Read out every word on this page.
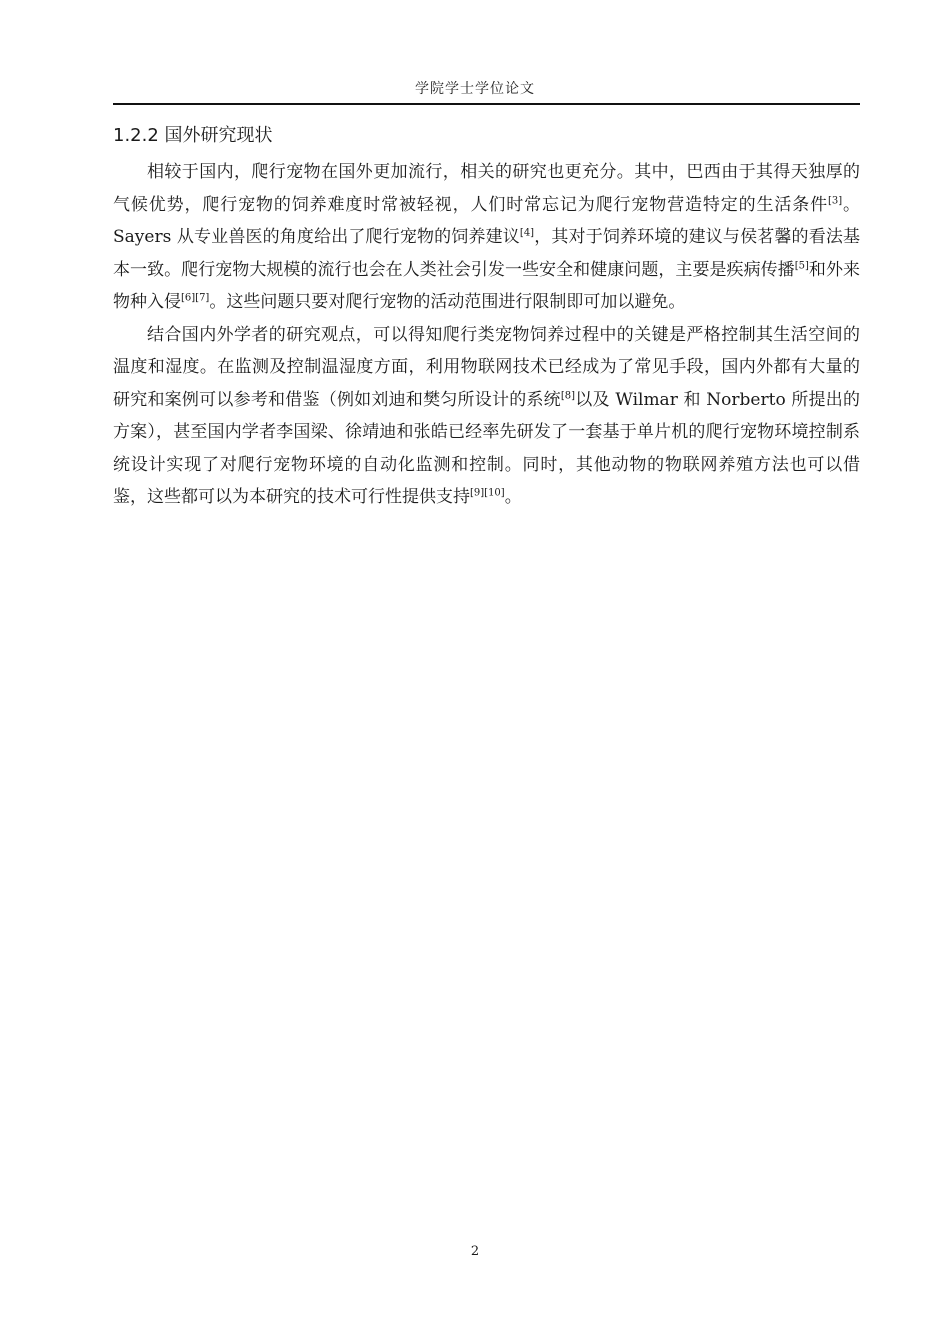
学院学士学位论文
1.2.2 国外研究现状

相较于国内，爬行宠物在国外更加流行，相关的研究也更充分。其中，巴西由于其得天独厚的气候优势，爬行宠物的饲养难度时常被轻视，人们时常忘记为爬行宠物营造特定的生活条件[3]。Sayers 从专业兽医的角度给出了爬行宠物的饲养建议[4]，其对于饲养环境的建议与侯茗馨的看法基本一致。爬行宠物大规模的流行也会在人类社会引发一些安全和健康问题，主要是疾病传播[5]和外来物种入侵[6][7]。这些问题只要对爬行宠物的活动范围进行限制即可加以避免。

结合国内外学者的研究观点，可以得知爬行类宠物饲养过程中的关键是严格控制其生活空间的温度和湿度。在监测及控制温湿度方面，利用物联网技术已经成为了常见手段，国内外都有大量的研究和案例可以参考和借鉴（例如刘迪和樊匀所设计的系统[8]以及 Wilmar 和 Norberto 所提出的方案），甚至国内学者李国梁、徐靖迪和张皓已经率先研发了一套基于单片机的爬行宠物环境控制系统设计实现了对爬行宠物环境的自动化监测和控制。同时，其他动物的物联网养殖方法也可以借鉴，这些都可以为本研究的技术可行性提供支持[9][10]。

2
